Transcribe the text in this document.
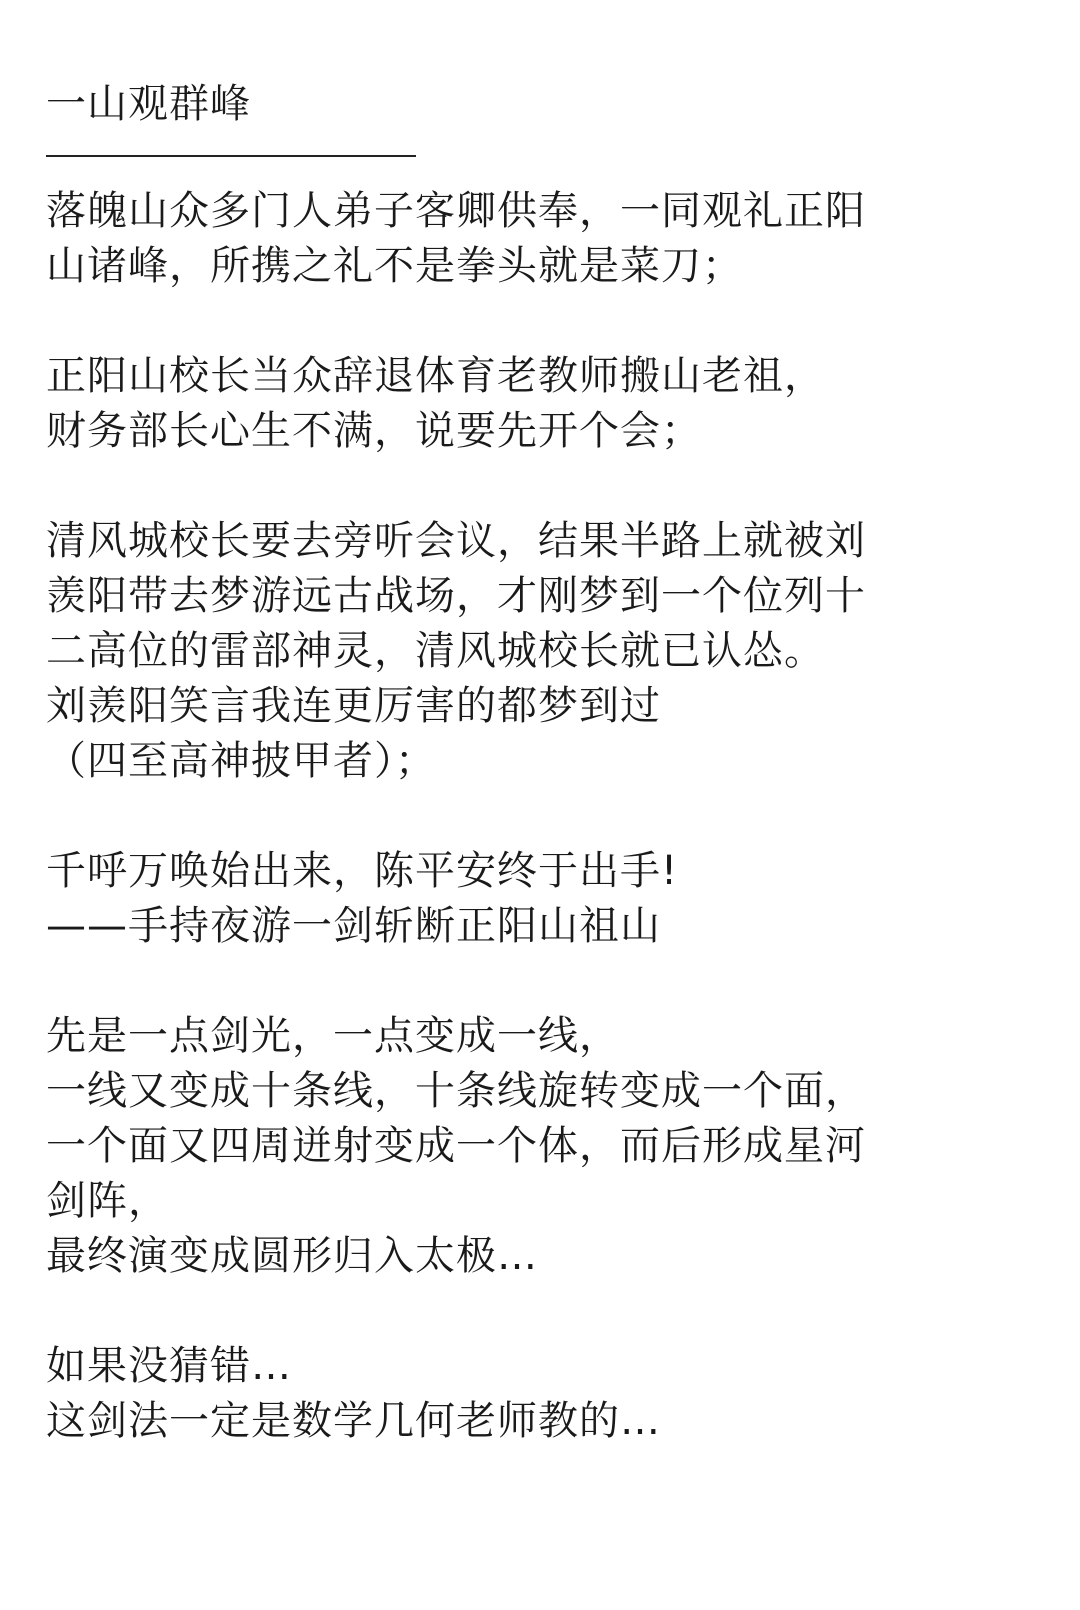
一山观群峰
落魄山众多门人弟子客卿供奉，一同观礼正阳
山诸峰，所携之礼不是拳头就是菜刀；
正阳山校长当众辞退体育老教师搬山老祖，
财务部长心生不满，说要先开个会；
清风城校长要去旁听会议，结果半路上就被刘
羡阳带去梦游远古战场，才刚梦到一个位列十
二高位的雷部神灵，清风城校长就已认怂。
刘羡阳笑言我连更厉害的都梦到过
（四至高神披甲者）；
千呼万唤始出来，陈平安终于出手!
——手持夜游一剑斩断正阳山祖山
先是一点剑光，一点变成一线，
一线又变成十条线，十条线旋转变成一个面，
一个面又四周迸射变成一个体，而后形成星河
剑阵，
最终演变成圆形归入太极…
如果没猜错…
这剑法一定是数学几何老师教的…
